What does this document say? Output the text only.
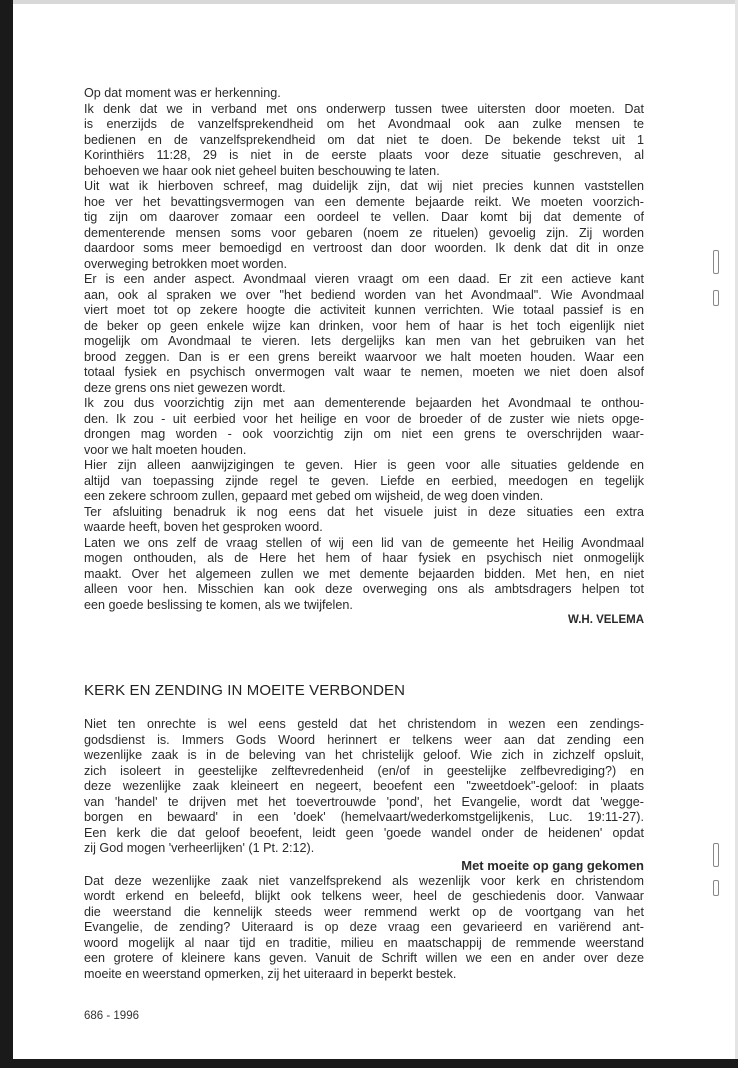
Op dat moment was er herkenning.
Ik denk dat we in verband met ons onderwerp tussen twee uitersten door moeten. Dat
is enerzijds de vanzelfsprekendheid om het Avondmaal ook aan zulke mensen te
bedienen en de vanzelfsprekendheid om dat niet te doen. De bekende tekst uit 1
Korinthiërs 11:28, 29 is niet in de eerste plaats voor deze situatie geschreven, al
behoeven we haar ook niet geheel buiten beschouwing te laten.
Uit wat ik hierboven schreef, mag duidelijk zijn, dat wij niet precies kunnen vaststellen
hoe ver het bevattingsvermogen van een demente bejaarde reikt. We moeten voorzich-
tig zijn om daarover zomaar een oordeel te vellen. Daar komt bij dat demente of
dementerende mensen soms voor gebaren (noem ze rituelen) gevoelig zijn. Zij worden
daardoor soms meer bemoedigd en vertroost dan door woorden. Ik denk dat dit in onze
overweging betrokken moet worden.
Er is een ander aspect. Avondmaal vieren vraagt om een daad. Er zit een actieve kant
aan, ook al spraken we over "het bediend worden van het Avondmaal". Wie Avondmaal
viert moet tot op zekere hoogte die activiteit kunnen verrichten. Wie totaal passief is en
de beker op geen enkele wijze kan drinken, voor hem of haar is het toch eigenlijk niet
mogelijk om Avondmaal te vieren. Iets dergelijks kan men van het gebruiken van het
brood zeggen. Dan is er een grens bereikt waarvoor we halt moeten houden. Waar een
totaal fysiek en psychisch onvermogen valt waar te nemen, moeten we niet doen alsof
deze grens ons niet gewezen wordt.
Ik zou dus voorzichtig zijn met aan dementerende bejaarden het Avondmaal te onthou-
den. Ik zou - uit eerbied voor het heilige en voor de broeder of de zuster wie niets opge-
drongen mag worden - ook voorzichtig zijn om niet een grens te overschrijden waar-
voor we halt moeten houden.
Hier zijn alleen aanwijzigingen te geven. Hier is geen voor alle situaties geldende en
altijd van toepassing zijnde regel te geven. Liefde en eerbied, meedogen en tegelijk
een zekere schroom zullen, gepaard met gebed om wijsheid, de weg doen vinden.
Ter afsluiting benadruk ik nog eens dat het visuele juist in deze situaties een extra
waarde heeft, boven het gesproken woord.
Laten we ons zelf de vraag stellen of wij een lid van de gemeente het Heilig Avondmaal
mogen onthouden, als de Here het hem of haar fysiek en psychisch niet onmogelijk
maakt. Over het algemeen zullen we met demente bejaarden bidden. Met hen, en niet
alleen voor hen. Misschien kan ook deze overweging ons als ambtsdragers helpen tot
een goede beslissing te komen, als we twijfelen.
W.H. VELEMA
KERK EN ZENDING IN MOEITE VERBONDEN
Niet ten onrechte is wel eens gesteld dat het christendom in wezen een zendings-
godsdienst is. Immers Gods Woord herinnert er telkens weer aan dat zending een
wezenlijke zaak is in de beleving van het christelijk geloof. Wie zich in zichzelf opsluit,
zich isoleert in geestelijke zelftevredenheid (en/of in geestelijke zelfbevrediging?) en
deze wezenlijke zaak kleineert en negeert, beoefent een "zweetdoek"-geloof: in plaats
van 'handel' te drijven met het toevertrouwde 'pond', het Evangelie, wordt dat 'wegge-
borgen en bewaard' in een 'doek' (hemelvaart/wederkomstgelijkenis, Luc. 19:11-27).
Een kerk die dat geloof beoefent, leidt geen 'goede wandel onder de heidenen' opdat
zij God mogen 'verheerlijken' (1 Pt. 2:12).
Met moeite op gang gekomen
Dat deze wezenlijke zaak niet vanzelfsprekend als wezenlijk voor kerk en christendom
wordt erkend en beleefd, blijkt ook telkens weer, heel de geschiedenis door. Vanwaar
die weerstand die kennelijk steeds weer remmend werkt op de voortgang van het
Evangelie, de zending? Uiteraard is op deze vraag een gevarieerd en variërend ant-
woord mogelijk al naar tijd en traditie, milieu en maatschappij de remmende weerstand
een grotere of kleinere kans geven. Vanuit de Schrift willen we een en ander over deze
moeite en weerstand opmerken, zij het uiteraard in beperkt bestek.
686 - 1996
